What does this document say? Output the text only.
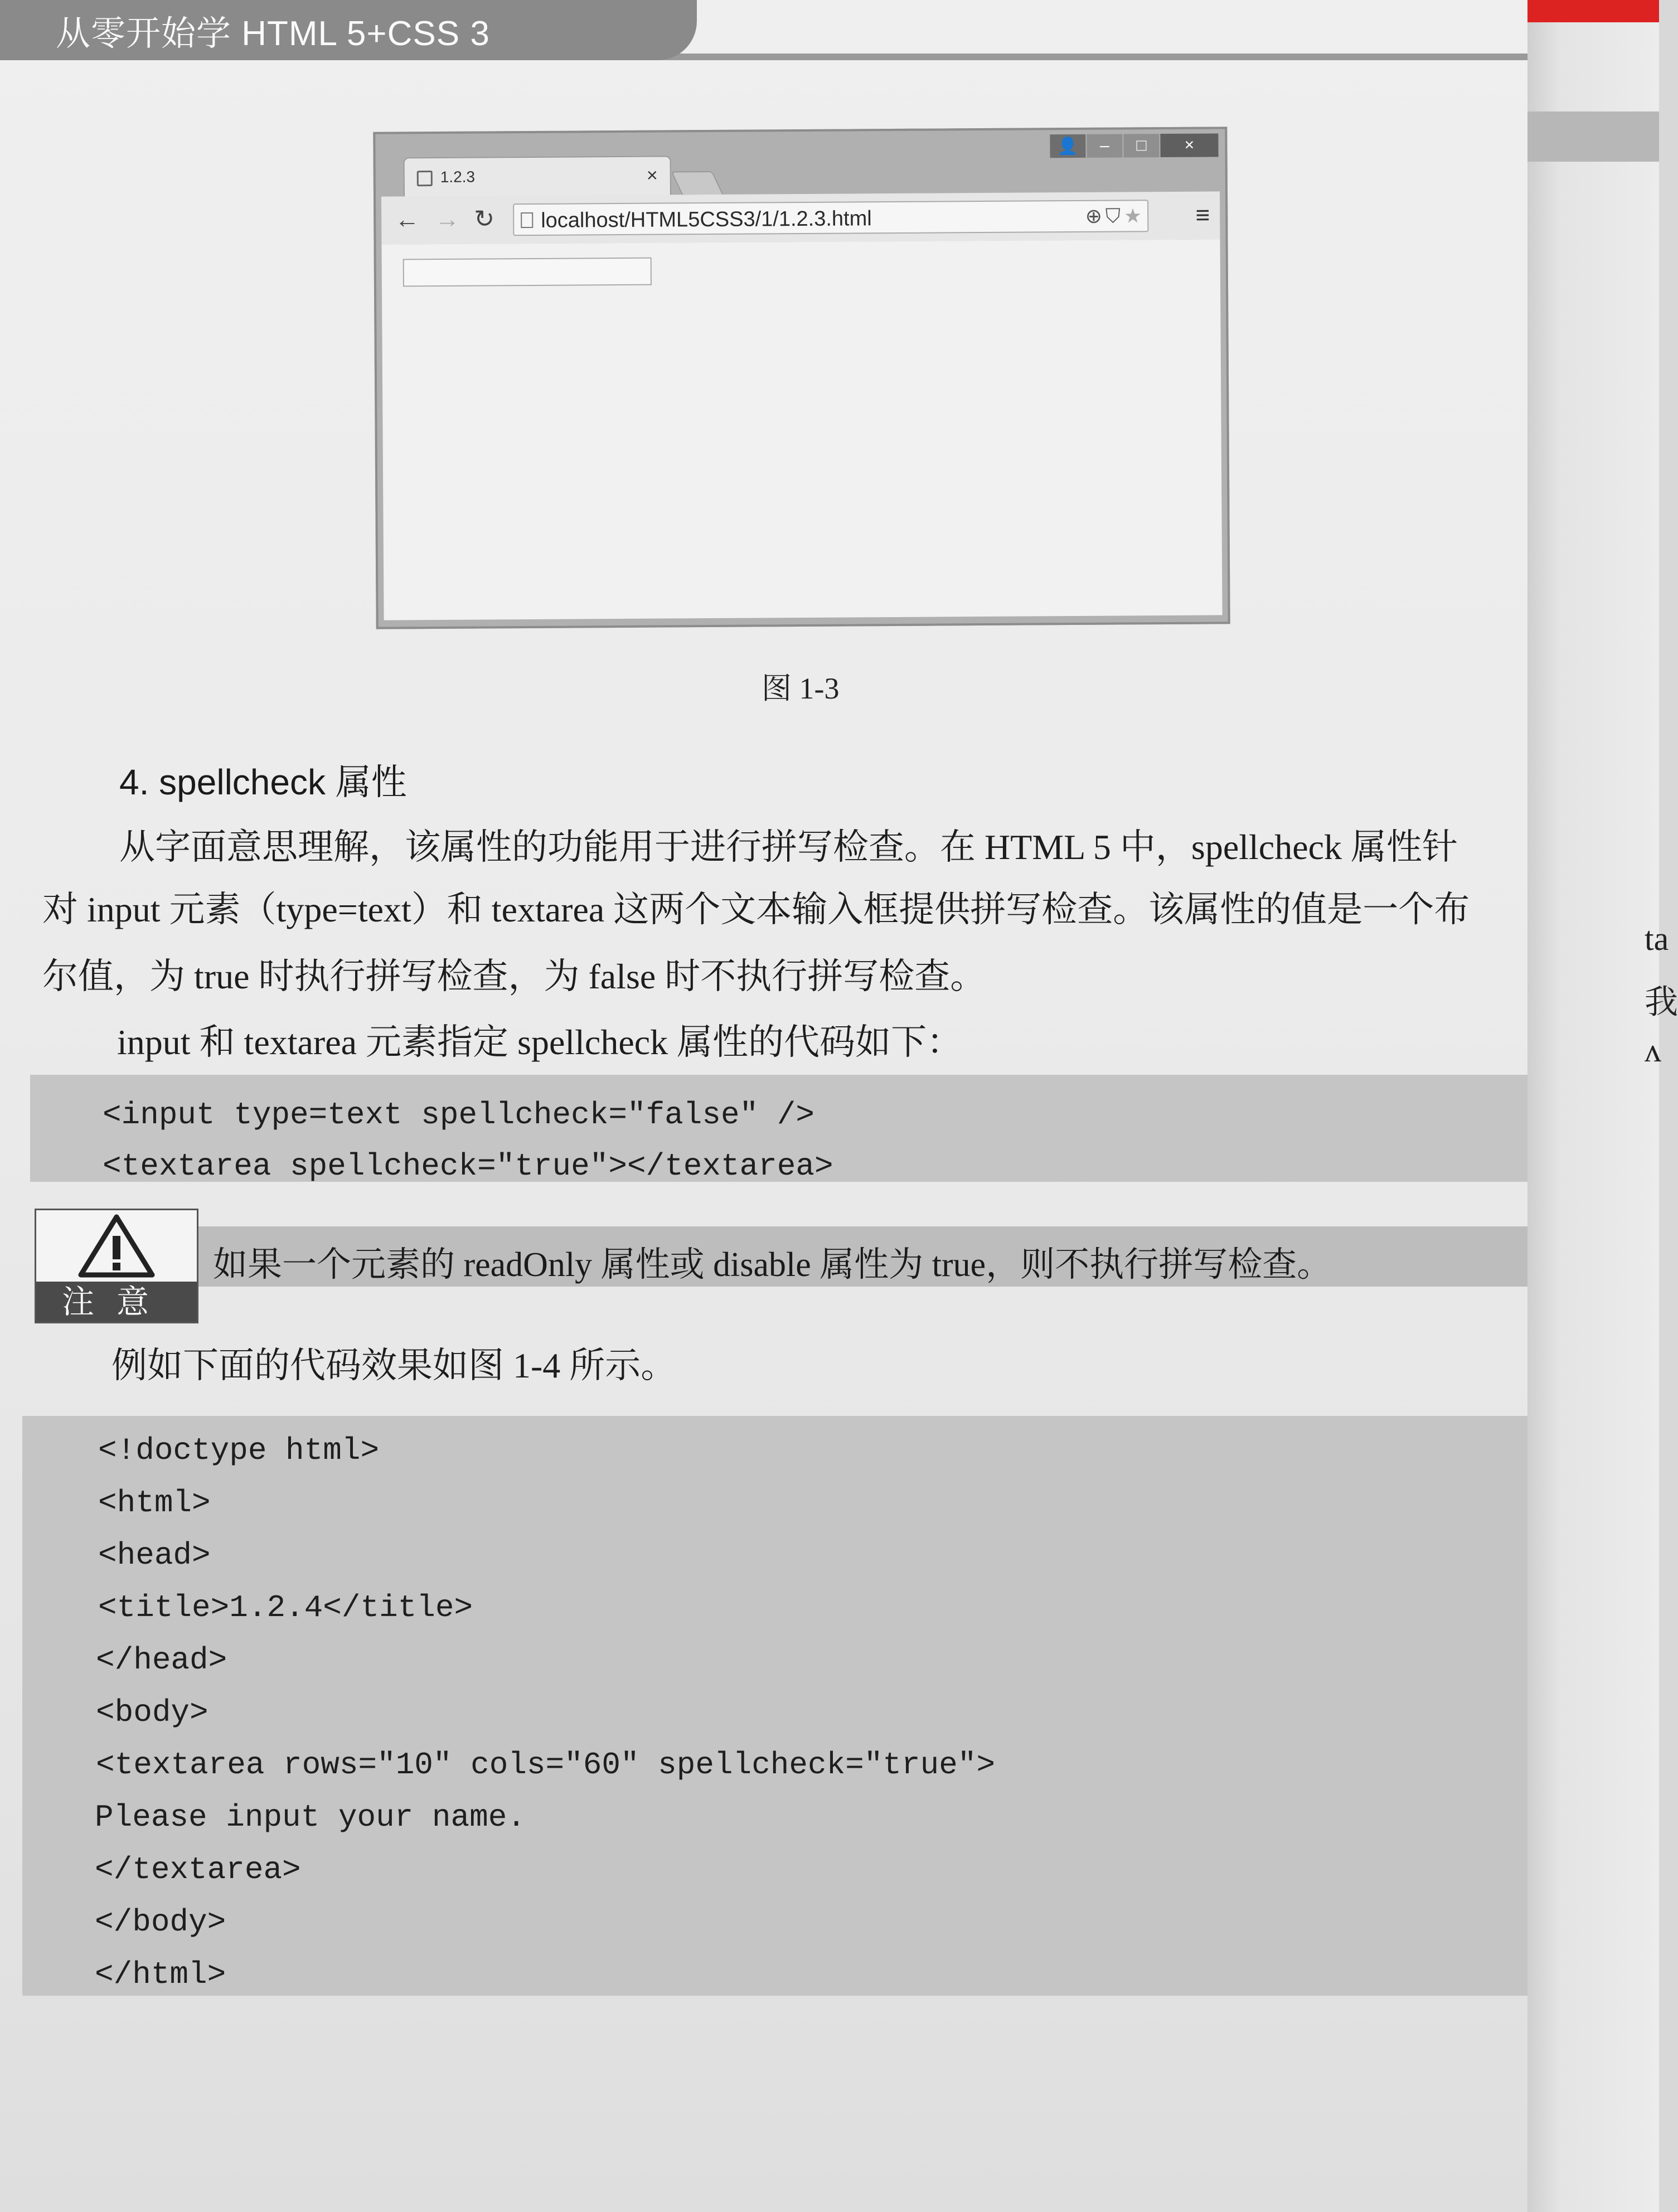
从零开始学 HTML 5+CSS 3
👤	–	□	×
1.2.3	×
← → ↻ localhost/HTML5CSS3/1/1.2.3.html	⊕ ⛉ ★ ≡
图 1-3
4. spellcheck 属性
从字面意思理解，该属性的功能用于进行拼写检查。在 HTML 5 中，spellcheck 属性针
对 input 元素（type=text）和 textarea 这两个文本输入框提供拼写检查。该属性的值是一个布
尔值，为 true 时执行拼写检查，为 false 时不执行拼写检查。
input 和 textarea 元素指定 spellcheck 属性的代码如下：
<input type=text spellcheck="false" />
<textarea spellcheck="true"></textarea>
注意
如果一个元素的 readOnly 属性或 disable 属性为 true，则不执行拼写检查。
例如下面的代码效果如图 1-4 所示。
<!doctype html>
<html>
<head>
<title>1.2.4</title>
</head>
<body>
<textarea rows="10" cols="60" spellcheck="true">
Please input your name.
</textarea>
</body>
</html>
ta
我
ʌ
